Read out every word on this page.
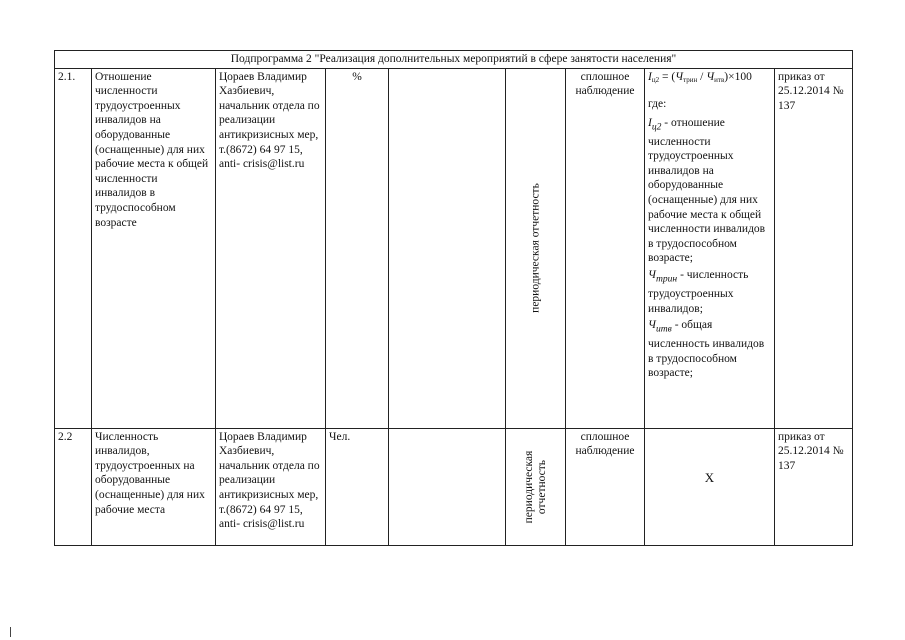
Подпрограмма 2 "Реализация дополнительных мероприятий в сфере занятости населения"								
2.1.	Отношение численности трудоустроенных инвалидов на оборудованные (оснащенные) для них рабочие места к общей численности инвалидов в трудоспособном возрасте	Цораев Владимир Хазбиевич, начальник отдела по реализации антикризисных мер, т.(8672) 64 97 15, anti- crisis@list.ru	%		периодическая отчетность	сплошное наблюдение	$I_{ц2} = (Ч_{трин} / Ч_{итв})\times 100$
где:
$I_{ц2}$ - отношение численности трудоустроенных инвалидов на оборудованные (оснащенные) для них рабочие места к общей численности инвалидов в трудоспособном возрасте;
$Ч_{трин}$ - численность трудоустроенных инвалидов;
$Ч_{итв}$ - общая численность инвалидов в трудоспособном возрасте;	приказ от 25.12.2014 № 137
2.2	Численность инвалидов, трудоустроенных на оборудованные (оснащенные) для них рабочие места	Цораев Владимир Хазбиевич, начальник отдела по реализации антикризисных мер, т.(8672) 64 97 15, anti- crisis@list.ru	Чел.		периодическая отчетность	сплошное наблюдение	X	приказ от 25.12.2014 № 137
